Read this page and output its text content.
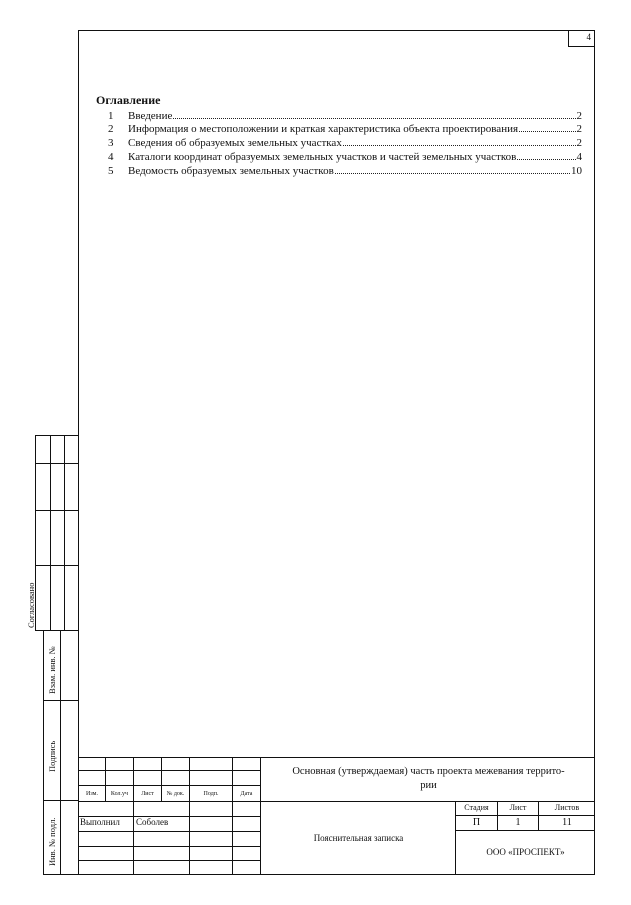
4
Оглавление
1	Введение	2
2	Информация о местоположении и краткая характеристика объекта проектирования	2
3	Сведения об образуемых земельных участках	2
4	Каталоги координат образуемых земельных участков и частей земельных участков	4
5	Ведомость образуемых земельных участков	10
Согласовано
Взам. инв. №
Подпись
Инв. № подл.
Изм.	Кол.уч	Лист	№ док.	Подп.	Дата
Основная (утверждаемая) часть проекта межевания террито-
рии
Выполнил Соболев
Пояснительная записка
Стадия	Лист	Листов
П	1	11
ООО «ПРОСПЕКТ»
